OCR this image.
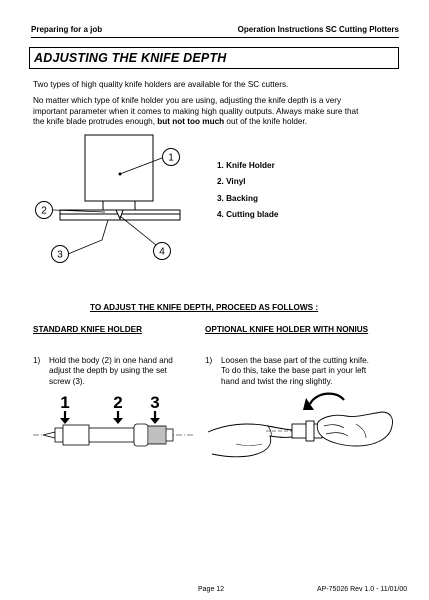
Preparing for a job	Operation Instructions SC Cutting Plotters
ADJUSTING THE KNIFE DEPTH
Two types of high quality knife holders are available for the SC cutters.
No matter which type of knife holder you are using, adjusting the knife depth is a very
important parameter when it comes to making high quality outputs. Always make sure that
the knife blade protrudes enough, but not too much out of the knife holder.
1
2
3	4
1. Knife Holder
2. Vinyl
3. Backing
4. Cutting blade
TO ADJUST THE KNIFE DEPTH, PROCEED AS FOLLOWS :
STANDARD KNIFE HOLDER	OPTIONAL KNIFE HOLDER WITH NONIUS
1) Hold the body (2) in one hand and
adjust the depth by using the set
screw (3).
1) Loosen the base part of the cutting knife.
To do this, take the base part in your left
hand and twist the ring slightly.
1	2 3
Page 12	AP-75026 Rev 1.0 - 11/01/00
